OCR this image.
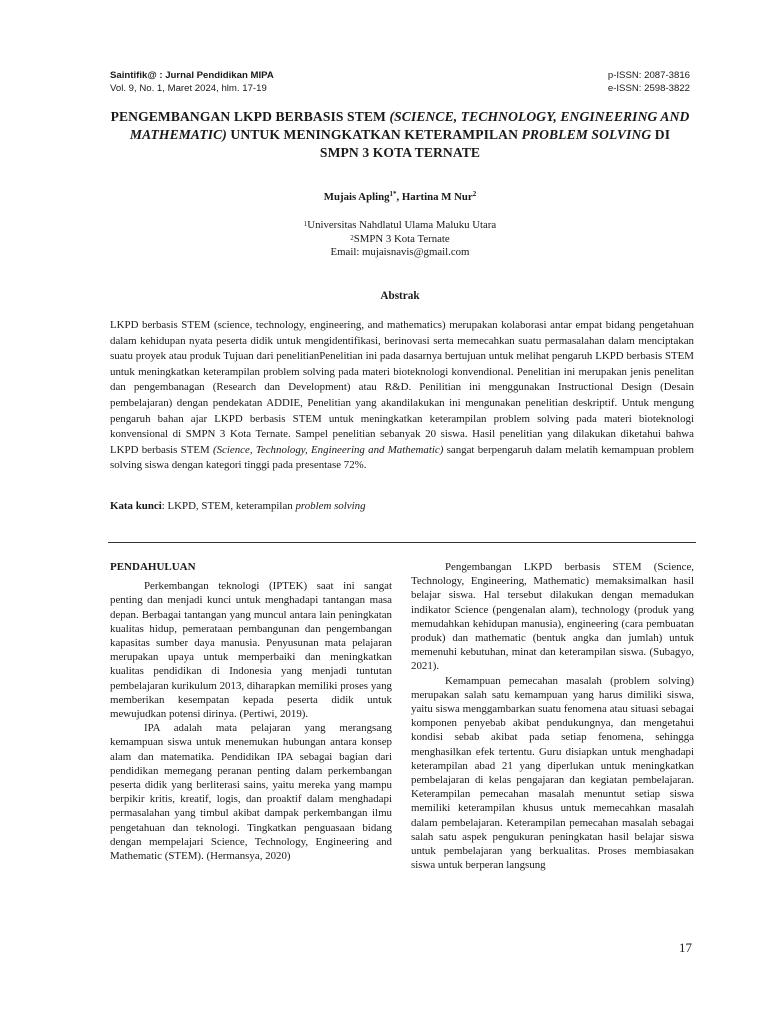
Saintifik@ : Jurnal Pendidikan MIPA
Vol. 9, No. 1, Maret 2024, hlm. 17-19
p-ISSN: 2087-3816
e-ISSN: 2598-3822
PENGEMBANGAN LKPD BERBASIS STEM (SCIENCE, TECHNOLOGY, ENGINEERING AND MATHEMATIC) UNTUK MENINGKATKAN KETERAMPILAN PROBLEM SOLVING DI SMPN 3 KOTA TERNATE
Mujais Apling$^{1*}$, Hartina M Nur$^2$
$^1$Universitas Nahdlatul Ulama Maluku Utara
$^2$SMPN 3 Kota Ternate
Email: mujaisnavis@gmail.com
Abstrak

LKPD berbasis STEM (science, technology, engineering, and mathematics) merupakan kolaborasi antar empat bidang pengetahuan dalam kehidupan nyata peserta didik untuk mengidentifikasi, berinovasi serta memecahkan suatu permasalahan dalam menciptakan suatu proyek atau produk Tujuan dari penelitianPenelitian ini pada dasarnya bertujuan untuk melihat pengaruh LKPD berbasis STEM untuk meningkatkan keterampilan problem solving pada materi bioteknologi konvendional. Penelitian ini merupakan jenis penelitan dan pengembanagan (Research dan Development) atau R&D. Penilitian ini menggunakan Instructional Design (Desain pembelajaran) dengan pendekatan ADDIE, Penelitian yang akandilakukan ini mengunakan penelitian deskriptif. Untuk mengung pengaruh bahan ajar LKPD berbasis STEM untuk meningkatkan keterampilan problem solving pada materi bioteknologi konvensional di SMPN 3 Kota Ternate. Sampel penelitian sebanyak 20 siswa. Hasil penelitian yang dilakukan diketahui bahwa LKPD berbasis STEM (Science, Technology, Engineering and Mathematic) sangat berpengaruh dalam melatih kemampuan problem solving siswa dengan kategori tinggi pada presentase 72%.

Kata kunci: LKPD, STEM, keterampilan problem solving
PENDAHULUAN

Perkembangan teknologi (IPTEK) saat ini sangat penting dan menjadi kunci untuk menghadapi tantangan masa depan. Berbagai tantangan yang muncul antara lain peningkatan kualitas hidup, pemerataan pembangunan dan pengembangan kapasitas sumber daya manusia. Penyusunan mata pelajaran merupakan upaya untuk memperbaiki dan meningkatkan kualitas pendidikan di Indonesia yang menjadi tuntutan pembelajaran kurikulum 2013, diharapkan memiliki proses yang memberikan kesempatan kepada peserta didik untuk mewujudkan potensi dirinya. (Pertiwi, 2019).

IPA adalah mata pelajaran yang merangsang kemampuan siswa untuk menemukan hubungan antara konsep alam dan matematika. Pendidikan IPA sebagai bagian dari pendidikan memegang peranan penting dalam perkembangan peserta didik yang berliterasi sains, yaitu mereka yang mampu berpikir kritis, kreatif, logis, dan proaktif dalam menghadapi permasalahan yang timbul akibat dampak perkembangan ilmu pengetahuan dan teknologi. Tingkatkan penguasaan bidang dengan mempelajari Science, Technology, Engineering and Mathematic (STEM). (Hermansya, 2020)

Pengembangan LKPD berbasis STEM (Science, Technology, Engineering, Mathematic) memaksimalkan hasil belajar siswa. Hal tersebut dilakukan dengan memadukan indikator Science (pengenalan alam), technology (produk yang memudahkan kehidupan manusia), engineering (cara pembuatan produk) dan mathematic (bentuk angka dan jumlah) untuk memenuhi kebutuhan, minat dan keterampilan siswa. (Subagyo, 2021).

Kemampuan pemecahan masalah (problem solving) merupakan salah satu kemampuan yang harus dimiliki siswa, yaitu siswa menggambarkan suatu fenomena atau situasi sebagai komponen penyebab akibat pendukungnya, dan mengetahui kondisi sebab akibat pada setiap fenomena, sehingga menghasilkan efek tertentu. Guru disiapkan untuk menghadapi keterampilan abad 21 yang diperlukan untuk meningkatkan pembelajaran di kelas pengajaran dan kegiatan pembelajaran. Keterampilan pemecahan masalah menuntut setiap siswa memiliki keterampilan khusus untuk memecahkan masalah dalam pembelajaran. Keterampilan pemecahan masalah sebagai salah satu aspek pengukuran peningkatan hasil belajar siswa untuk pembelajaran yang berkualitas. Proses membiasakan siswa untuk berperan langsung

17
